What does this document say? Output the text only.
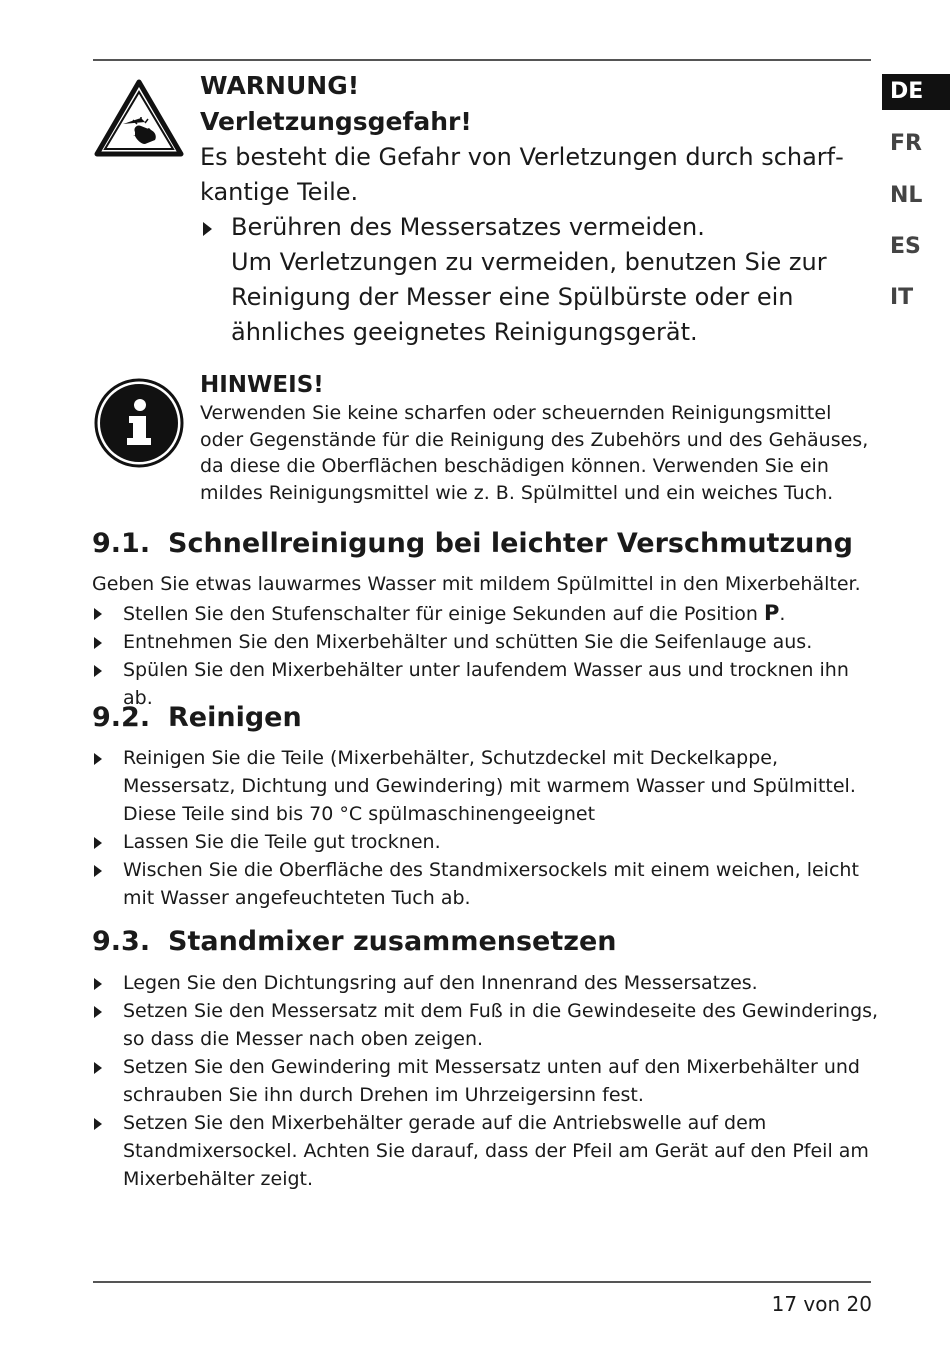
DE
FR
NL
ES
IT

WARNUNG!

Verletzungsgefahr!

Es besteht die Gefahr von Verletzungen durch scharfkantige Teile.

Berühren des Messersatzes vermeiden.
Um Verletzungen zu vermeiden, benutzen Sie zur Reinigung der Messer eine Spülbürste oder ein ähnliches geeignetes Reinigungsgerät.

HINWEIS!

Verwenden Sie keine scharfen oder scheuernden Reinigungsmittel oder Gegenstände für die Reinigung des Zubehörs und des Gehäuses, da diese die Oberflächen beschädigen können. Verwenden Sie ein mildes Reinigungsmittel wie z. B. Spülmittel und ein weiches Tuch.

9.1. Schnellreinigung bei leichter Verschmutzung

Geben Sie etwas lauwarmes Wasser mit mildem Spülmittel in den Mixerbehälter.

Stellen Sie den Stufenschalter für einige Sekunden auf die Position P.
Entnehmen Sie den Mixerbehälter und schütten Sie die Seifenlauge aus.
Spülen Sie den Mixerbehälter unter laufendem Wasser aus und trocknen ihn ab.
9.2. Reinigen
Reinigen Sie die Teile (Mixerbehälter, Schutzdeckel mit Deckelkappe, Messersatz, Dichtung und Gewindering) mit warmem Wasser und Spülmittel. Diese Teile sind bis 70 °C spülmaschinengeeignet
Lassen Sie die Teile gut trocknen.
Wischen Sie die Oberfläche des Standmixersockels mit einem weichen, leicht mit Wasser angefeuchteten Tuch ab.
9.3. Standmixer zusammensetzen
Legen Sie den Dichtungsring auf den Innenrand des Messersatzes.
Setzen Sie den Messersatz mit dem Fuß in die Gewindeseite des Gewinderings, so dass die Messer nach oben zeigen.
Setzen Sie den Gewindering mit Messersatz unten auf den Mixerbehälter und schrauben Sie ihn durch Drehen im Uhrzeigersinn fest.
Setzen Sie den Mixerbehälter gerade auf die Antriebswelle auf dem Standmixersockel. Achten Sie darauf, dass der Pfeil am Gerät auf den Pfeil am Mixerbehälter zeigt.
17 von 20
